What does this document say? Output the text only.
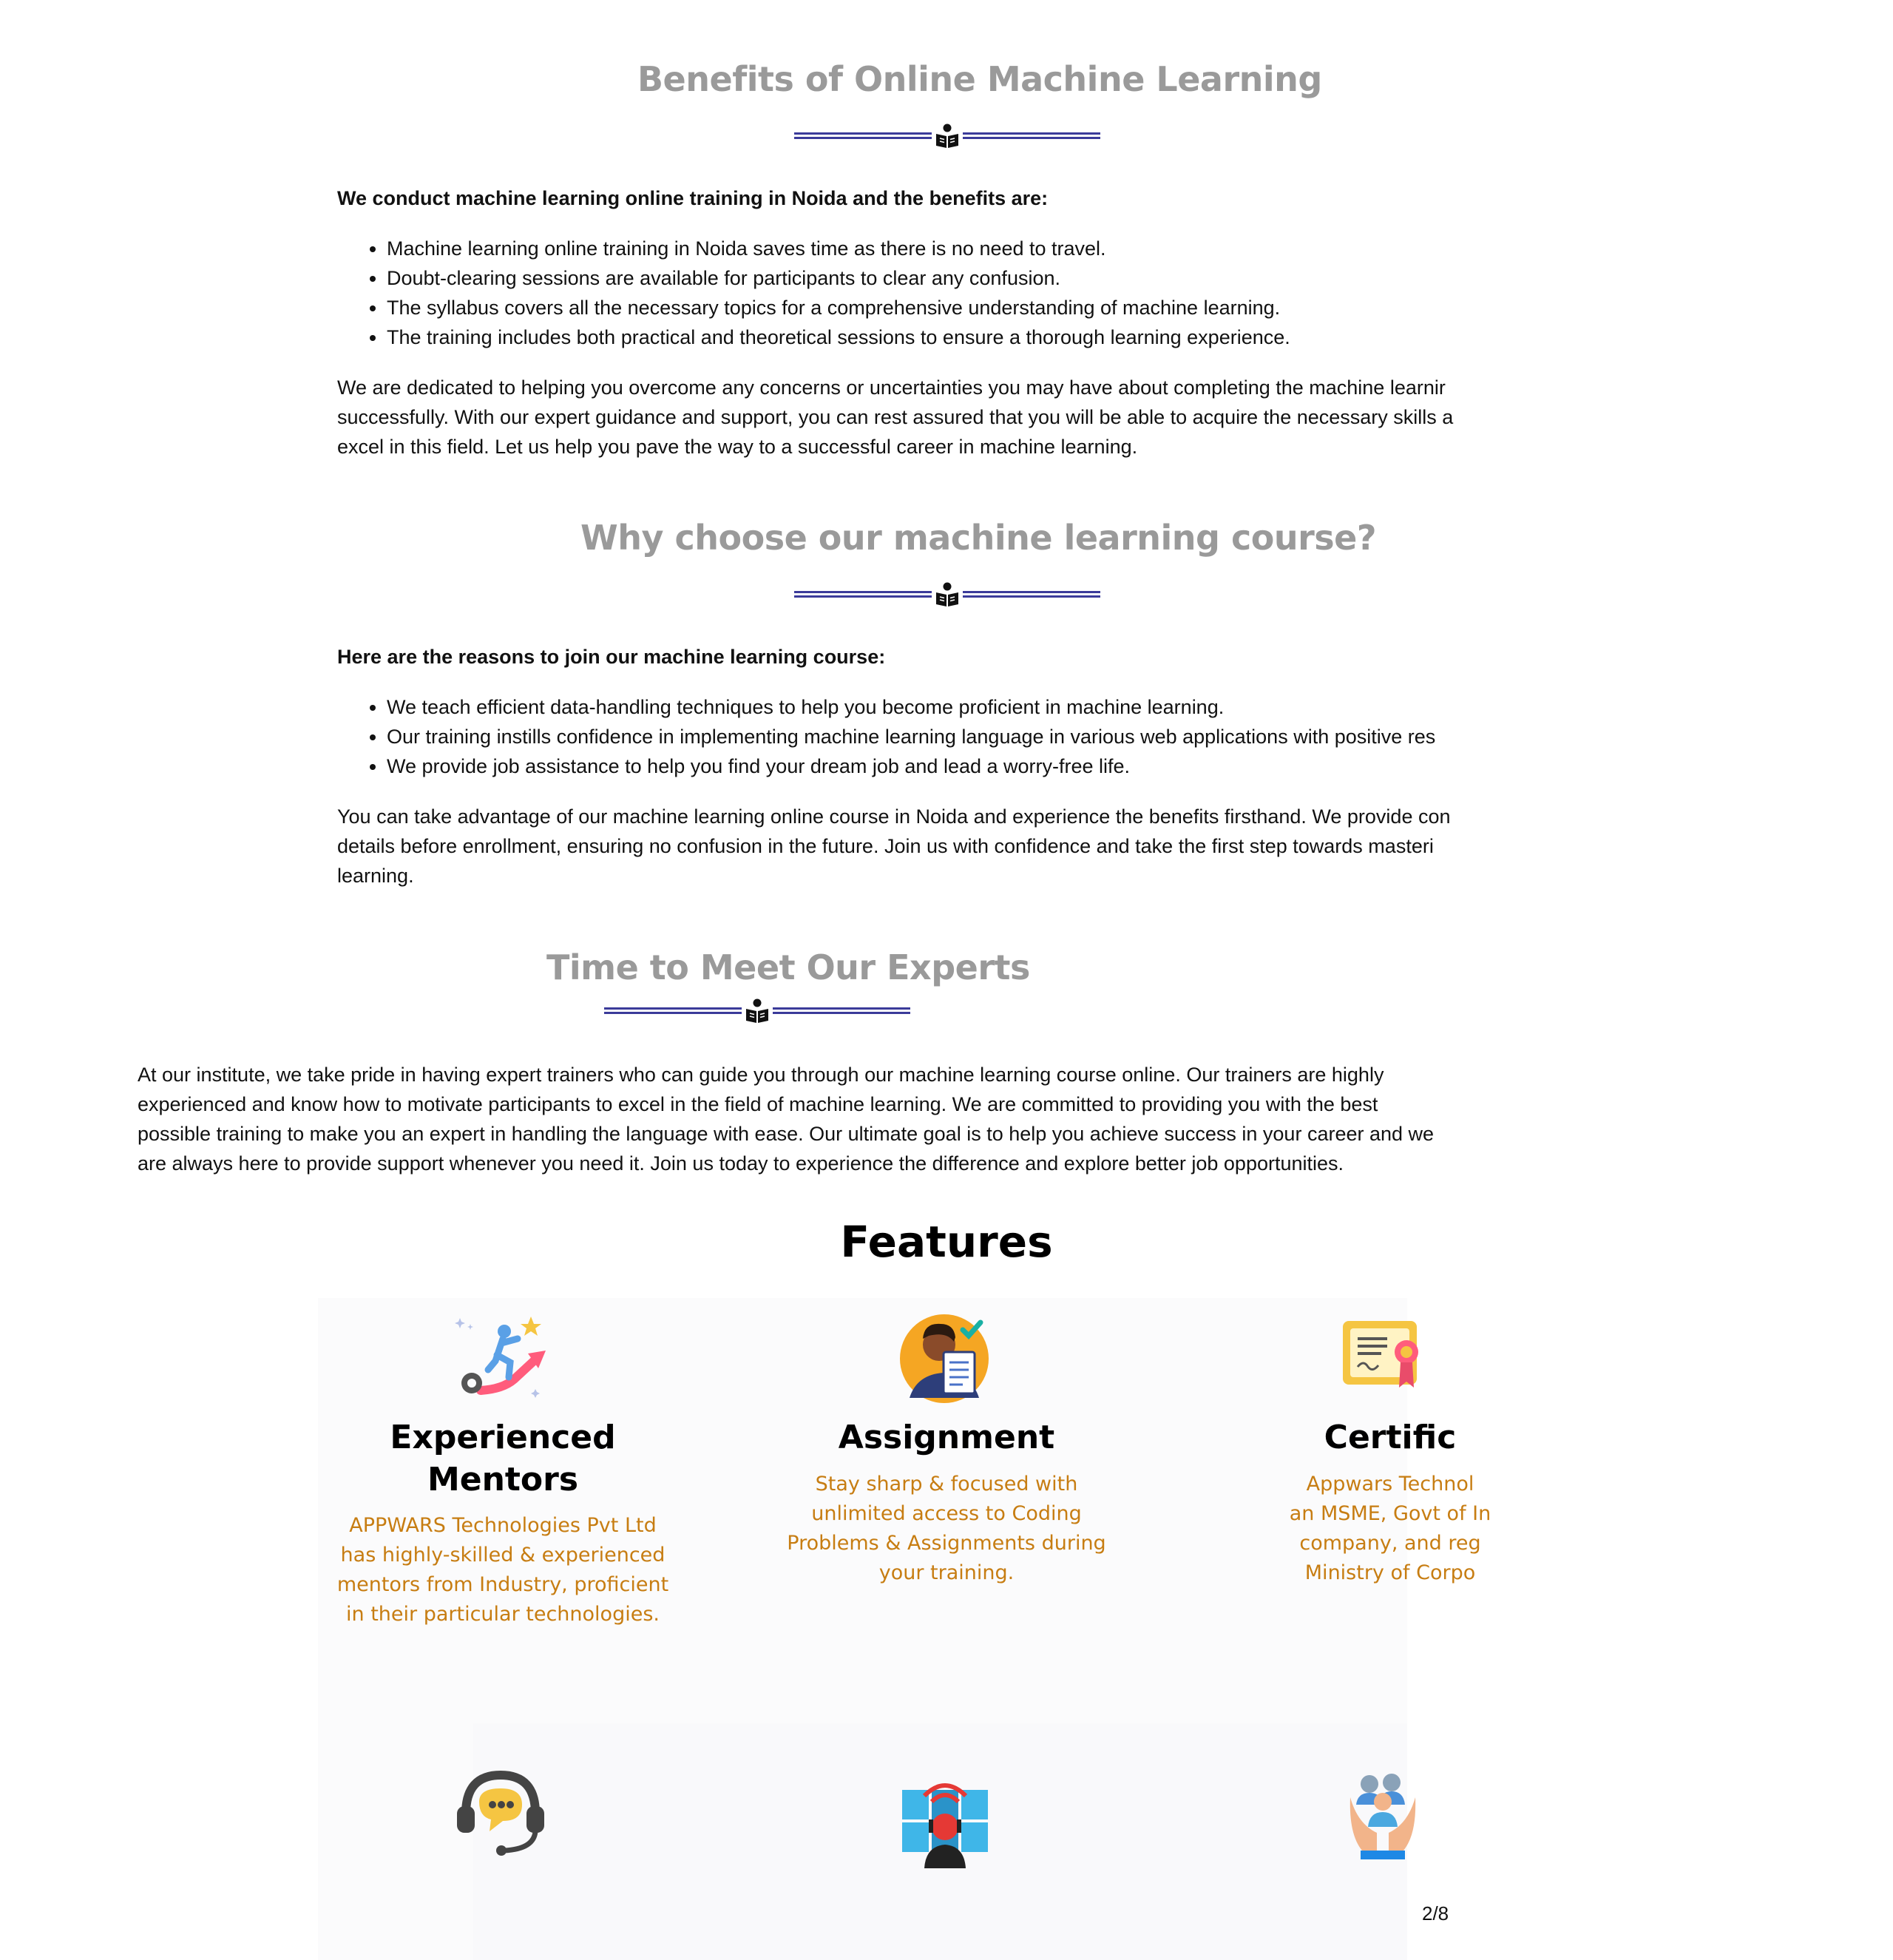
Benefits of Online Machine Learning

We conduct machine learning online training in Noida and the benefits are:

• Machine learning online training in Noida saves time as there is no need to travel.
• Doubt-clearing sessions are available for participants to clear any confusion.
• The syllabus covers all the necessary topics for a comprehensive understanding of machine learning.
• The training includes both practical and theoretical sessions to ensure a thorough learning experience.

We are dedicated to helping you overcome any concerns or uncertainties you may have about completing the machine learnir
successfully. With our expert guidance and support, you can rest assured that you will be able to acquire the necessary skills a
excel in this field. Let us help you pave the way to a successful career in machine learning.

Why choose our machine learning course?

Here are the reasons to join our machine learning course:

• We teach efficient data-handling techniques to help you become proficient in machine learning.
• Our training instills confidence in implementing machine learning language in various web applications with positive res
• We provide job assistance to help you find your dream job and lead a worry-free life.

You can take advantage of our machine learning online course in Noida and experience the benefits firsthand. We provide con
details before enrollment, ensuring no confusion in the future. Join us with confidence and take the first step towards masteri
learning.

Time to Meet Our Experts

At our institute, we take pride in having expert trainers who can guide you through our machine learning course online. Our trainers are highly
experienced and know how to motivate participants to excel in the field of machine learning. We are committed to providing you with the best
possible training to make you an expert in handling the language with ease. Our ultimate goal is to help you achieve success in your career and we
are always here to provide support whenever you need it. Join us today to experience the difference and explore better job opportunities.

Features

Experienced
Mentors

APPWARS Technologies Pvt Ltd
has highly-skilled & experienced
mentors from Industry, proficient
in their particular technologies.

Assignment

Stay sharp & focused with
unlimited access to Coding
Problems & Assignments during
your training.

Certific

Appwars Technol
an MSME, Govt of In
company, and reg
Ministry of Corpo

2/8
